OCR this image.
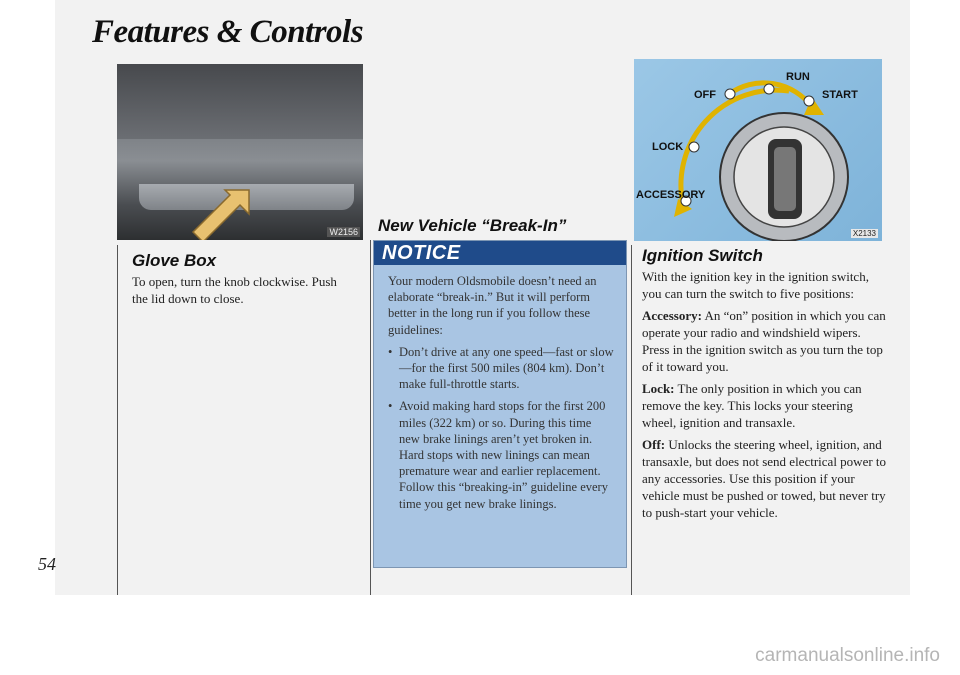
Features & Controls
W2156
RUN
OFF	START
LOCK
ACCESSORY
X2133
Glove Box

To open, turn the knob clockwise. Push the lid down to close.

New Vehicle “Break-In”
NOTICE

Your modern Oldsmobile doesn’t need an elaborate “break-in.” But it will perform better in the long run if you follow these guidelines:

• Don’t drive at any one speed—fast or slow—for the first 500 miles (804 km). Don’t make full-throttle starts.
• Avoid making hard stops for the first 200 miles (322 km) or so. During this time new brake linings aren’t yet broken in. Hard stops with new linings can mean premature wear and earlier replacement. Follow this “breaking-in” guideline every time you get new brake linings.
Ignition Switch

With the ignition key in the ignition switch, you can turn the switch to five positions:

Accessory: An “on” position in which you can operate your radio and windshield wipers. Press in the ignition switch as you turn the top of it toward you.

Lock: The only position in which you can remove the key. This locks your steering wheel, ignition and transaxle.

Off: Unlocks the steering wheel, ignition, and transaxle, but does not send electrical power to any accessories. Use this position if your vehicle must be pushed or towed, but never try to push-start your vehicle.

54
carmanualsonline.info
